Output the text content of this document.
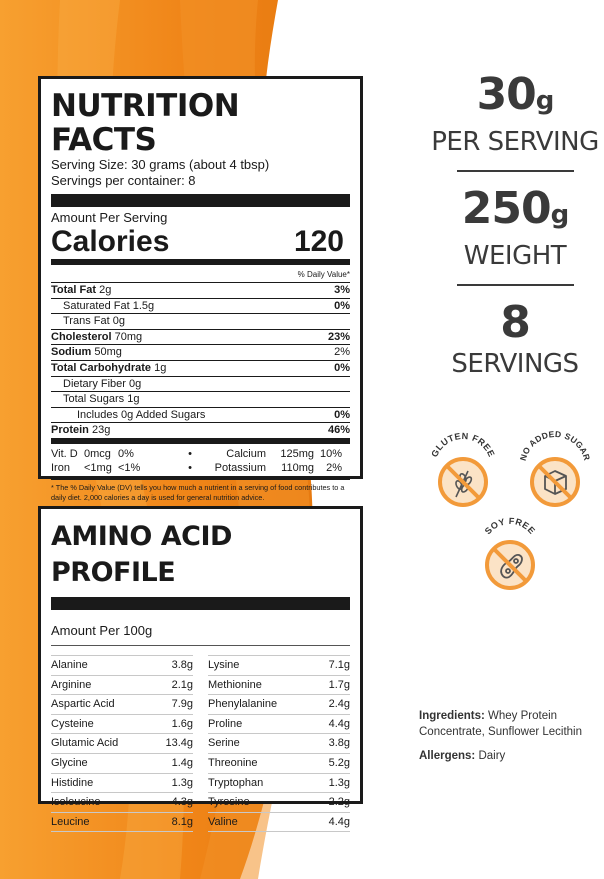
NUTRITION FACTS
Serving Size: 30 grams (about 4 tbsp)
Servings per container: 8
Amount Per Serving
Calories	120
% Daily Value*
Total Fat 2g	3%
Saturated Fat 1.5g	0%
Trans Fat 0g
Cholesterol 70mg	23%
Sodium 50mg	2%
Total Carbohydrate 1g	0%
Dietary Fiber 0g
Total Sugars 1g
Includes 0g Added Sugars	0%
Protein 23g	46%
Vit. D 0mcg 0%	•	Calcium	125mg 10%
Iron	<1mg <1%	•	Potassium	110mg	2%
* The % Daily Value (DV) tells you how much a nutrient in a serving of food contributes to a daily diet. 2,000 calories a day is used for general nutrition advice.
AMINO ACID PROFILE
Amount Per 100g
Alanine	3.8g
Arginine	2.1g
Aspartic Acid	7.9g
Cysteine	1.6g
Glutamic Acid	13.4g
Glycine	1.4g
Histidine	1.3g
Isoleucine	4.3g
Leucine	8.1g
Lysine	7.1g
Methionine	1.7g
Phenylalanine	2.4g
Proline	4.4g
Serine	3.8g
Threonine	5.2g
Tryptophan	1.3g
Tyrosine	2.2g
Valine	4.4g
30g
PER SERVING
250g
WEIGHT
8
SERVINGS
GLUTEN FREE NO ADDED SUGAR
SOY FREE
Ingredients: Whey Protein Concentrate, Sunflower Lecithin
Allergens: Dairy
